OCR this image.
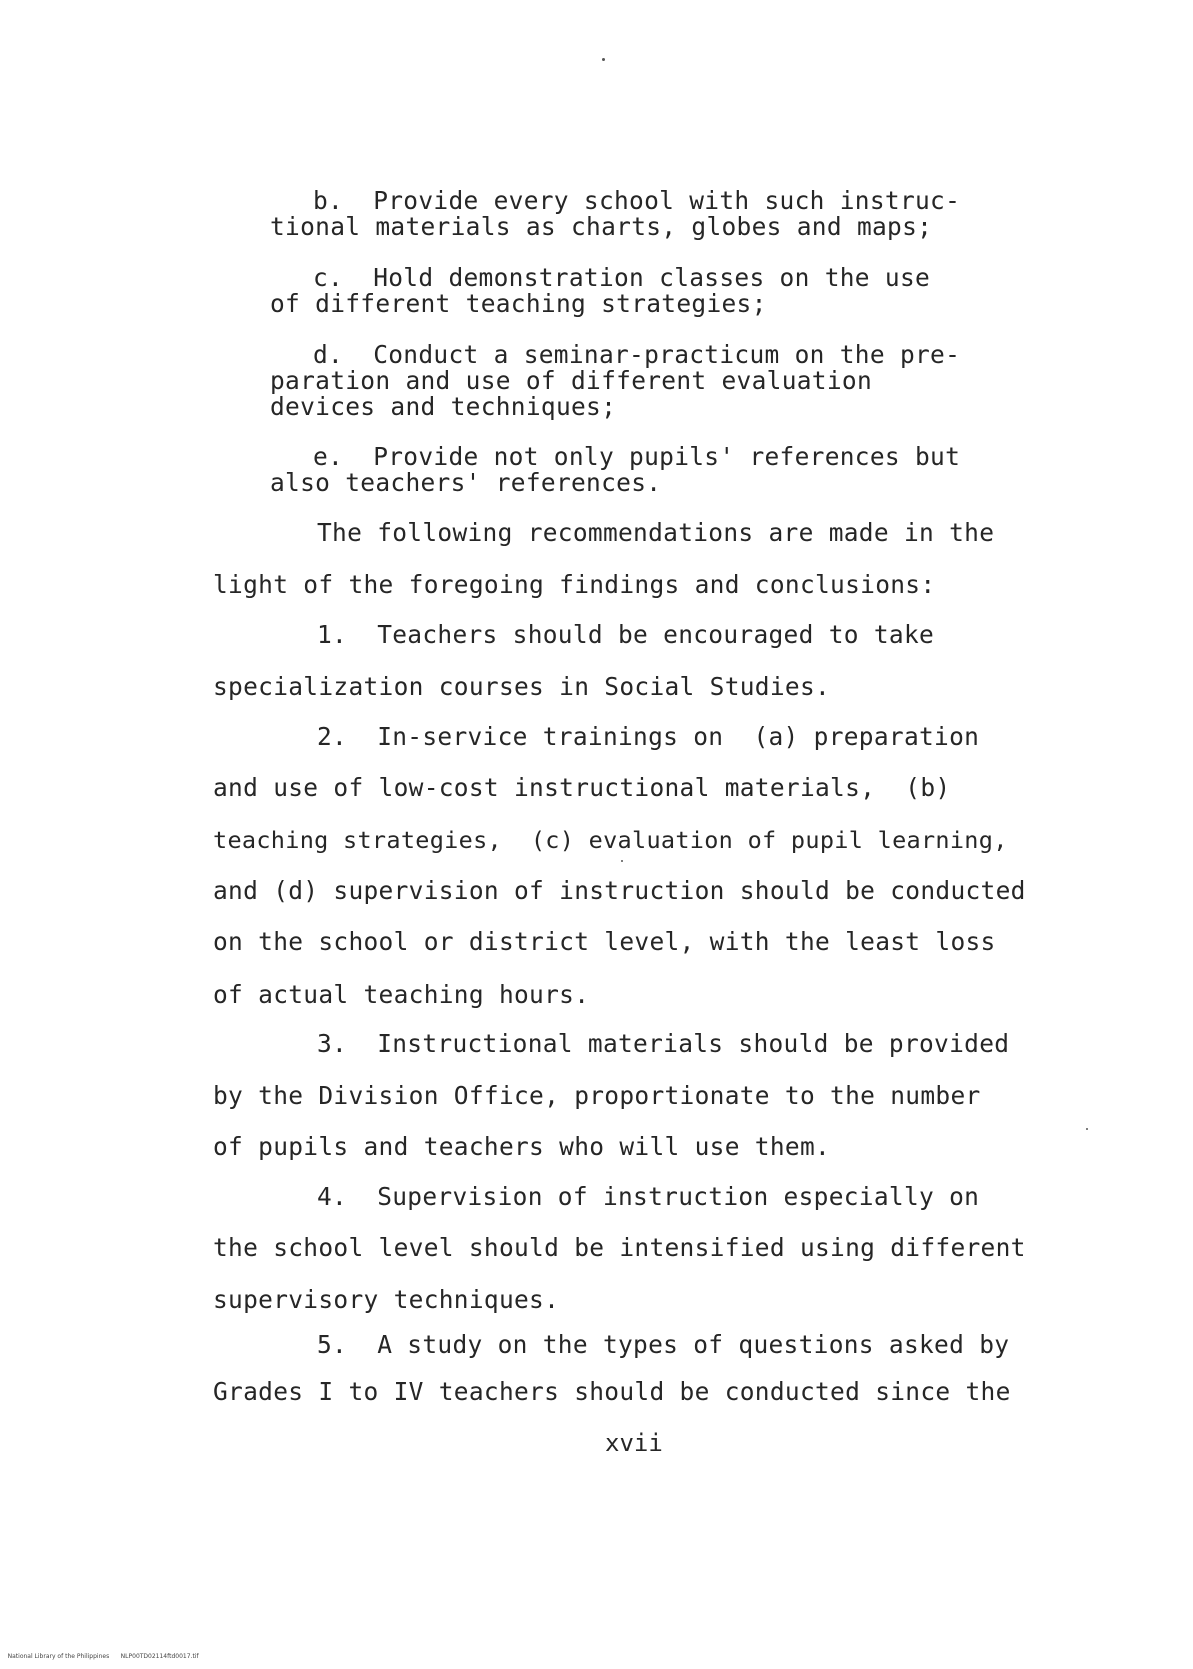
b.  Provide every school with such instruc-
tional materials as charts, globes and maps;
c.  Hold demonstration classes on the use
of different teaching strategies;
d.  Conduct a seminar-practicum on the pre-
paration and use of different evaluation
devices and techniques;
e.  Provide not only pupils' references but
also teachers' references.
The following recommendations are made in the
light of the foregoing findings and conclusions:
1.  Teachers should be encouraged to take
specialization courses in Social Studies.
2.  In-service trainings on  (a) preparation
and use of low-cost instructional materials,  (b)
teaching strategies,  (c) evaluation of pupil learning,
and (d) supervision of instruction should be conducted
on the school or district level, with the least loss
of actual teaching hours.
3.  Instructional materials should be provided
by the Division Office, proportionate to the number
of pupils and teachers who will use them.
4.  Supervision of instruction especially on
the school level should be intensified using different
supervisory techniques.
5.  A study on the types of questions asked by
Grades I to IV teachers should be conducted since the
xvii

National Library of the Philippines NLP00TD02114ftd0017.tif
